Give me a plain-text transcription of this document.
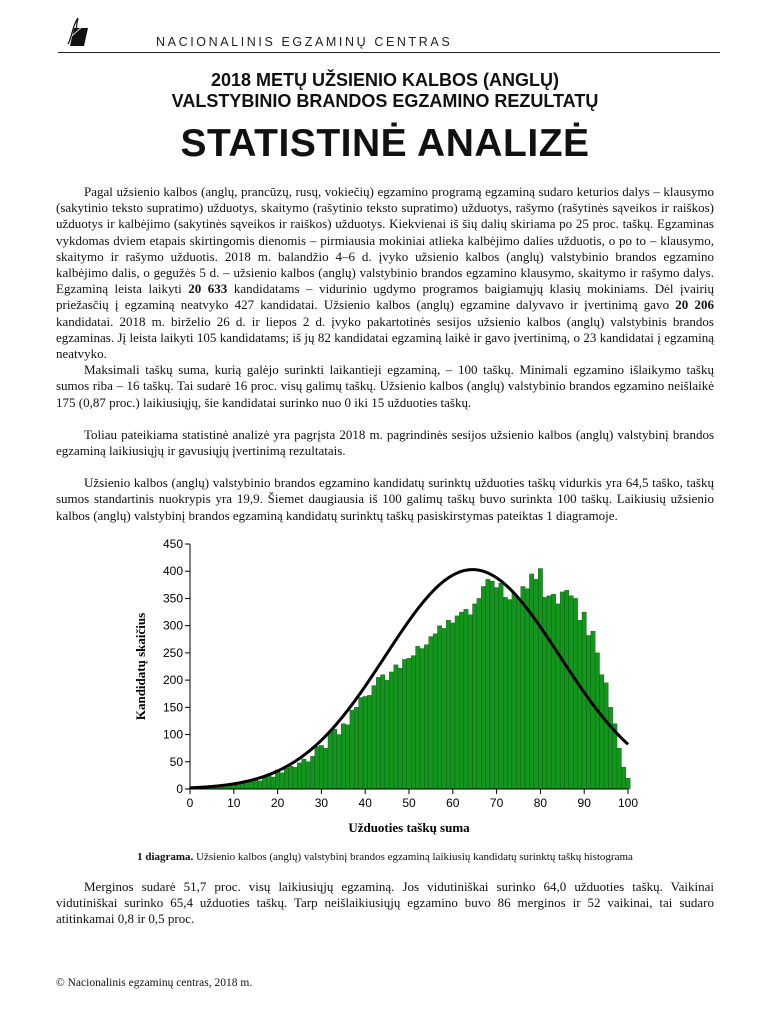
NACIONALINIS EGZAMINŲ CENTRAS
2018 METŲ UŽSIENIO KALBOS (ANGLŲ)
VALSTYBINIO BRANDOS EGZAMINO REZULTATŲ
STATISTINĖ ANALIZĖ

Pagal užsienio kalbos (anglų, prancūzų, rusų, vokiečių) egzamino programą egzaminą sudaro keturios dalys – klausymo (sakytinio teksto supratimo) užduotys, skaitymo (rašytinio teksto supratimo) užduotys, rašymo (rašytinės sąveikos ir raiškos) užduotys ir kalbėjimo (sakytinės sąveikos ir raiškos) užduotys. Kiekvienai iš šių dalių skiriama po 25 proc. taškų. Egzaminas vykdomas dviem etapais skirtingomis dienomis – pirmiausia mokiniai atlieka kalbėjimo dalies užduotis, o po to – klausymo, skaitymo ir rašymo užduotis. 2018 m. balandžio 4–6 d. įvyko užsienio kalbos (anglų) valstybinio brandos egzamino kalbėjimo dalis, o gegužės 5 d. – užsienio kalbos (anglų) valstybinio brandos egzamino klausymo, skaitymo ir rašymo dalys. Egzaminą leista laikyti 20 633 kandidatams – vidurinio ugdymo programos baigiamųjų klasių mokiniams. Dėl įvairių priežasčių į egzaminą neatvyko 427 kandidatai. Užsienio kalbos (anglų) egzamine dalyvavo ir įvertinimą gavo 20 206 kandidatai. 2018 m. birželio 26 d. ir liepos 2 d. įvyko pakartotinės sesijos užsienio kalbos (anglų) valstybinis brandos egzaminas. Jį leista laikyti 105 kandidatams; iš jų 82 kandidatai egzaminą laikė ir gavo įvertinimą, o 23 kandidatai į egzaminą neatvyko.

Maksimali taškų suma, kurią galėjo surinkti laikantieji egzaminą, – 100 taškų. Minimali egzamino išlaikymo taškų sumos riba – 16 taškų. Tai sudarė 16 proc. visų galimų taškų. Užsienio kalbos (anglų) valstybinio brandos egzamino neišlaikė 175 (0,87 proc.) laikiusiųjų, šie kandidatai surinko nuo 0 iki 15 užduoties taškų.

Toliau pateikiama statistinė analizė yra pagrįsta 2018 m. pagrindinės sesijos užsienio kalbos (anglų) valstybinį brandos egzaminą laikiusiųjų ir gavusiųjų įvertinimą rezultatais.

Užsienio kalbos (anglų) valstybinio brandos egzamino kandidatų surinktų užduoties taškų vidurkis yra 64,5 taško, taškų sumos standartinis nuokrypis yra 19,9. Šiemet daugiausia iš 100 galimų taškų buvo surinkta 100 taškų. Laikiusių užsienio kalbos (anglų) valstybinį brandos egzaminą kandidatų surinktų taškų pasiskirstymas pateiktas 1 diagramoje.

0
50
100
150
200
250
300
350
400
450
0	10	20	30	40	50	60	70	80	90 100
Užduoties taškų suma
Kandidatų skaičius
1 diagrama. Užsienio kalbos (anglų) valstybinį brandos egzaminą laikiusių kandidatų surinktų taškų histograma

Merginos sudarė 51,7 proc. visų laikiusiųjų egzaminą. Jos vidutiniškai surinko 64,0 užduoties taškų. Vaikinai vidutiniškai surinko 65,4 užduoties taškų. Tarp neišlaikiusiųjų egzamino buvo 86 merginos ir 52 vaikinai, tai sudaro atitinkamai 0,8 ir 0,5 proc.

© Nacionalinis egzaminų centras, 2018 m.
